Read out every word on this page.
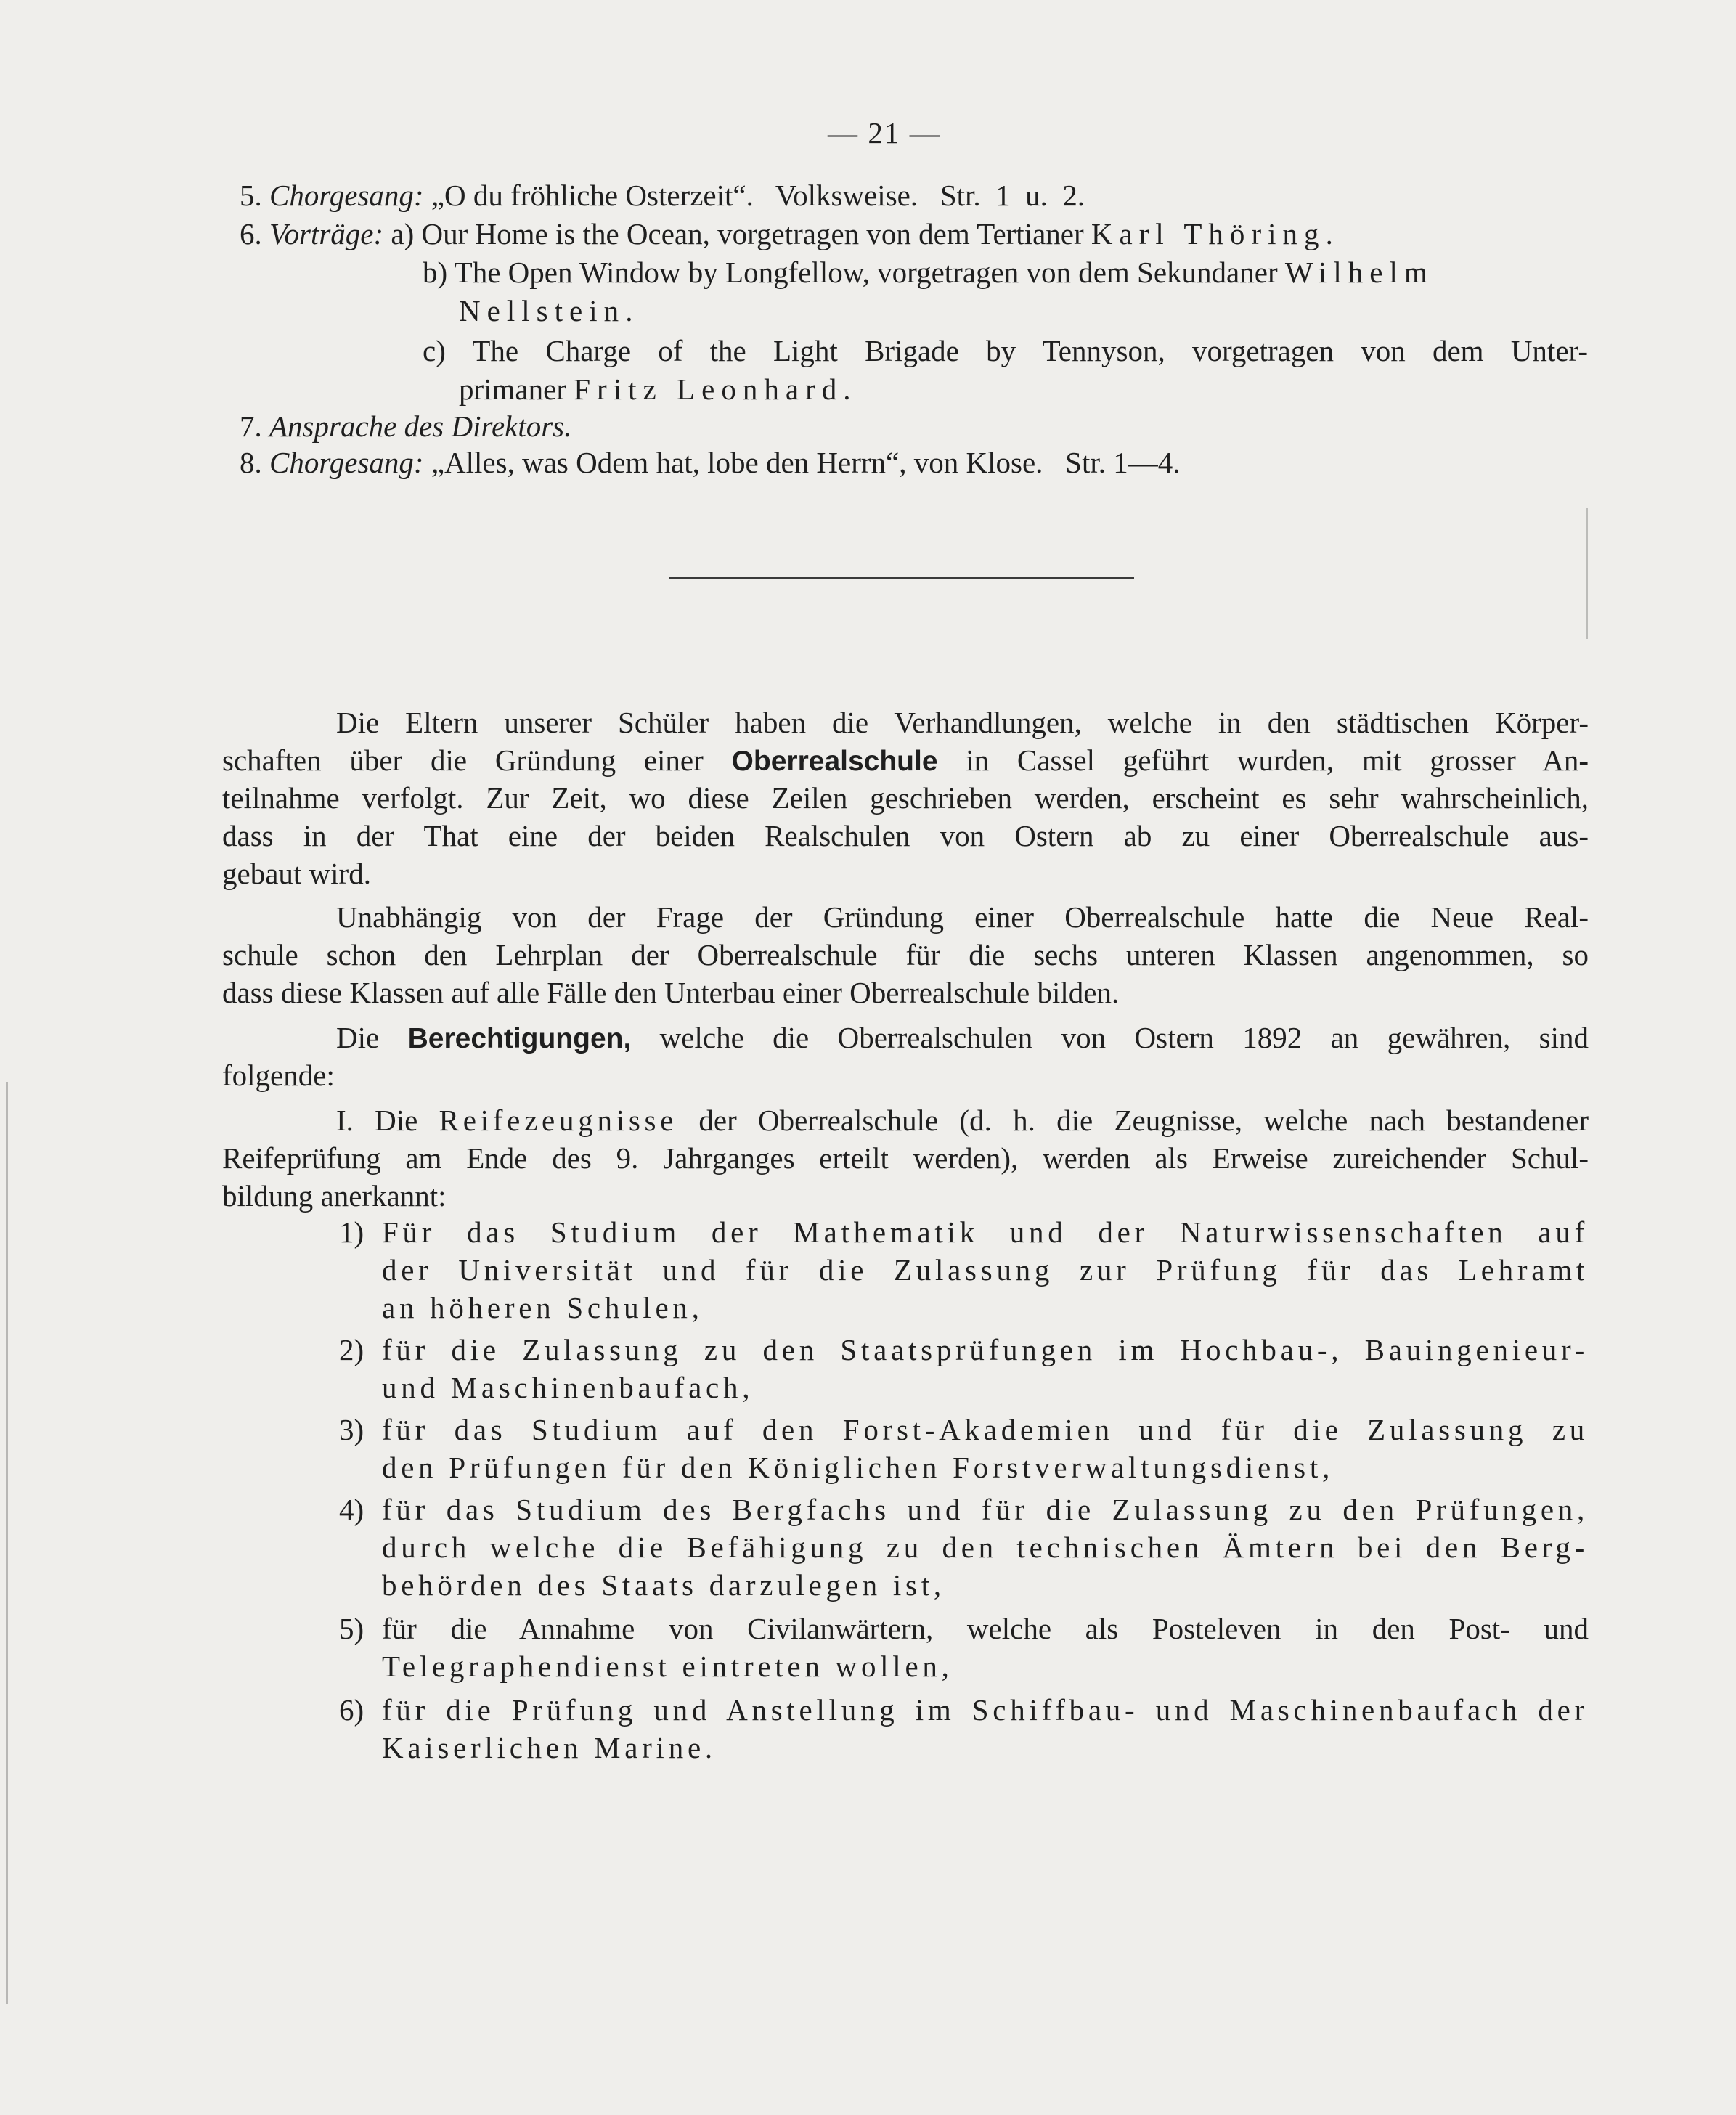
— 21 —
5. Chorgesang: „O du fröhliche Osterzeit“.   Volksweise.   Str.  1  u.  2.
6. Vorträge: a) Our Home is the Ocean, vorgetragen von dem Tertianer Karl Thöring.
b) The Open Window by Longfellow, vorgetragen von dem Sekundaner Wilhelm
Nellstein.
c) The Charge of the Light Brigade by Tennyson, vorgetragen von dem Unter-
primaner Fritz Leonhard.
7. Ansprache des Direktors.
8. Chorgesang: „Alles, was Odem hat, lobe den Herrn“, von Klose.   Str. 1—4.
Die Eltern unserer Schüler haben die Verhandlungen, welche in den städtischen Körper-
schaften über die Gründung einer Oberrealschule in Cassel geführt wurden, mit grosser An-
teilnahme verfolgt. Zur Zeit, wo diese Zeilen geschrieben werden, erscheint es sehr wahrscheinlich,
dass in der That eine der beiden Realschulen von Ostern ab zu einer Oberrealschule aus-
gebaut wird.
Unabhängig von der Frage der Gründung einer Oberrealschule hatte die Neue Real-
schule schon den Lehrplan der Oberrealschule für die sechs unteren Klassen angenommen, so
dass diese Klassen auf alle Fälle den Unterbau einer Oberrealschule bilden.
Die Berechtigungen, welche die Oberrealschulen von Ostern 1892 an gewähren, sind
folgende:
I. Die Reifezeugnisse der Oberrealschule (d. h. die Zeugnisse, welche nach bestandener
Reifeprüfung am Ende des 9. Jahrganges erteilt werden), werden als Erweise zureichender Schul-
bildung anerkannt:
1) Für das Studium der Mathematik und der Naturwissenschaften auf
der Universität und für die Zulassung zur Prüfung für das Lehramt
an höheren Schulen,
2) für die Zulassung zu den Staatsprüfungen im Hochbau-, Bauingenieur-
und Maschinenbaufach,
3) für das Studium auf den Forst-Akademien und für die Zulassung zu
den Prüfungen für den Königlichen Forstverwaltungsdienst,
4) für das Studium des Bergfachs und für die Zulassung zu den Prüfungen,
durch welche die Befähigung zu den technischen Ämtern bei den Berg-
behörden des Staats darzulegen ist,
5) für die Annahme von Civilanwärtern, welche als Posteleven in den Post- und
Telegraphendienst eintreten wollen,
6) für die Prüfung und Anstellung im Schiffbau- und Maschinenbaufach der
Kaiserlichen Marine.
